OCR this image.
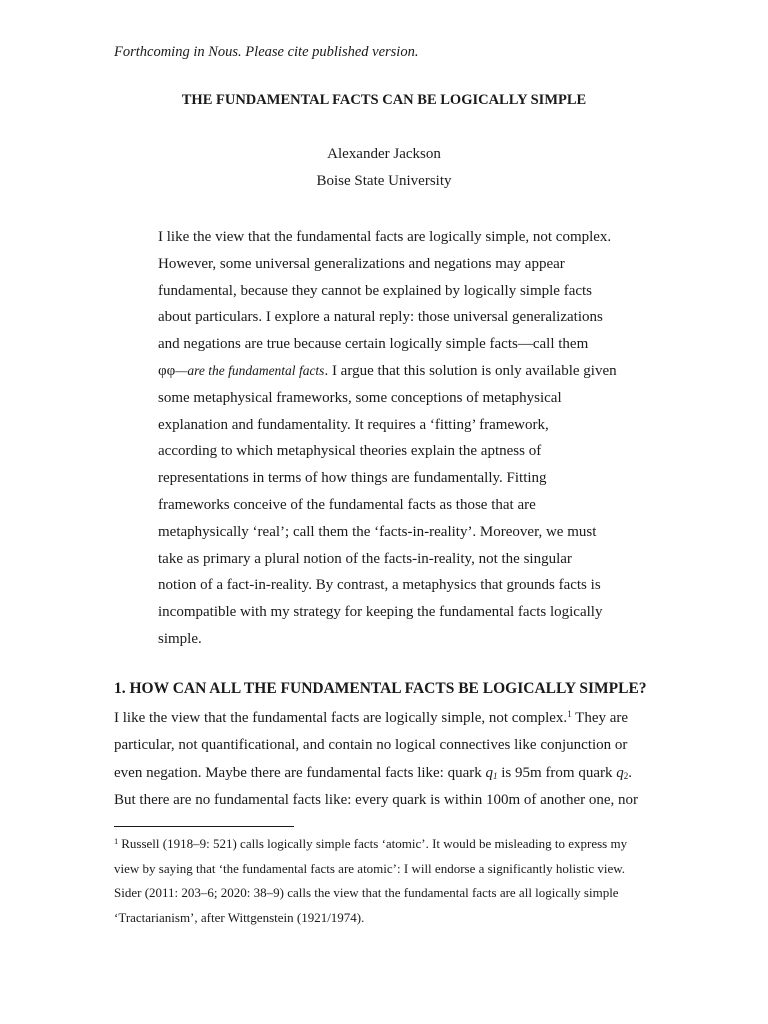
Forthcoming in Nous. Please cite published version.
THE FUNDAMENTAL FACTS CAN BE LOGICALLY SIMPLE
Alexander Jackson
Boise State University
I like the view that the fundamental facts are logically simple, not complex.
However, some universal generalizations and negations may appear
fundamental, because they cannot be explained by logically simple facts
about particulars. I explore a natural reply: those universal generalizations
and negations are true because certain logically simple facts—call them
φφ—are the fundamental facts. I argue that this solution is only available given
some metaphysical frameworks, some conceptions of metaphysical
explanation and fundamentality. It requires a ‘fitting’ framework,
according to which metaphysical theories explain the aptness of
representations in terms of how things are fundamentally. Fitting
frameworks conceive of the fundamental facts as those that are
metaphysically ‘real’; call them the ‘facts-in-reality’. Moreover, we must
take as primary a plural notion of the facts-in-reality, not the singular
notion of a fact-in-reality. By contrast, a metaphysics that grounds facts is
incompatible with my strategy for keeping the fundamental facts logically
simple.
1. HOW CAN ALL THE FUNDAMENTAL FACTS BE LOGICALLY SIMPLE?
I like the view that the fundamental facts are logically simple, not complex.$^1$ They are
particular, not quantificational, and contain no logical connectives like conjunction or
even negation. Maybe there are fundamental facts like: quark $q_1$ is 95m from quark $q_2$.
But there are no fundamental facts like: every quark is within 100m of another one, nor
$^1$ Russell (1918–9: 521) calls logically simple facts ‘atomic’. It would be misleading to express my
view by saying that ‘the fundamental facts are atomic’: I will endorse a significantly holistic view.
Sider (2011: 203–6; 2020: 38–9) calls the view that the fundamental facts are all logically simple
‘Tractarianism’, after Wittgenstein (1921/1974).
